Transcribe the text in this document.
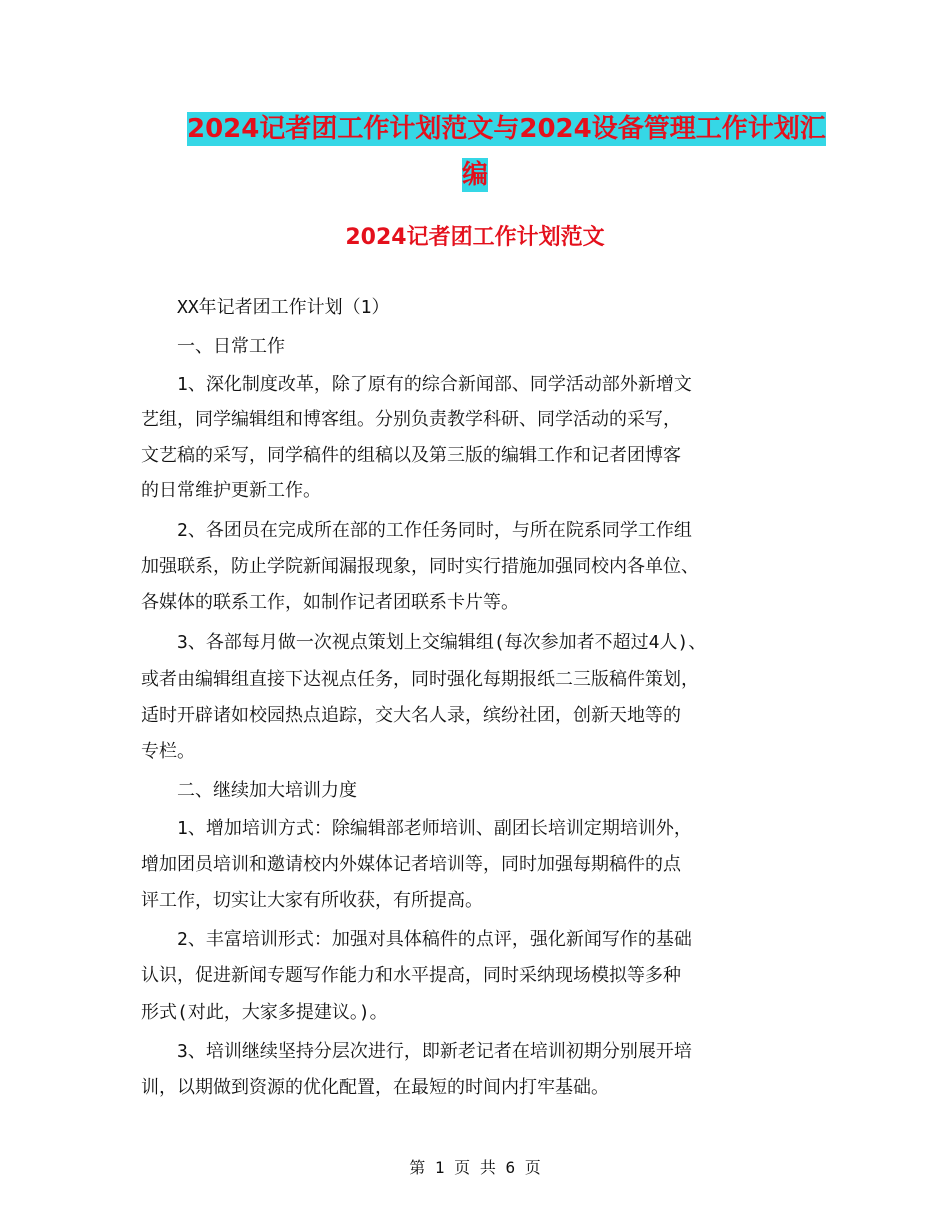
2024记者团工作计划范文与2024设备管理工作计划汇
编
2024记者团工作计划范文
　　XX年记者团工作计划（1）
　　一、日常工作
　　1、深化制度改革，除了原有的综合新闻部、同学活动部外新增文
艺组，同学编辑组和博客组。分别负责教学科研、同学活动的采写，
文艺稿的采写，同学稿件的组稿以及第三版的编辑工作和记者团博客
的日常维护更新工作。
　　2、各团员在完成所在部的工作任务同时，与所在院系同学工作组
加强联系，防止学院新闻漏报现象，同时实行措施加强同校内各单位、
各媒体的联系工作，如制作记者团联系卡片等。
　　3、各部每月做一次视点策划上交编辑组(每次参加者不超过4人)、
或者由编辑组直接下达视点任务，同时强化每期报纸二三版稿件策划，
适时开辟诸如校园热点追踪，交大名人录，缤纷社团，创新天地等的
专栏。
　　二、继续加大培训力度
　　1、增加培训方式：除编辑部老师培训、副团长培训定期培训外，
增加团员培训和邀请校内外媒体记者培训等，同时加强每期稿件的点
评工作，切实让大家有所收获，有所提高。
　　2、丰富培训形式：加强对具体稿件的点评，强化新闻写作的基础
认识，促进新闻专题写作能力和水平提高，同时采纳现场模拟等多种
形式(对此，大家多提建议。)。
　　3、培训继续坚持分层次进行，即新老记者在培训初期分别展开培
训，以期做到资源的优化配置，在最短的时间内打牢基础。
第 1 页 共 6 页
